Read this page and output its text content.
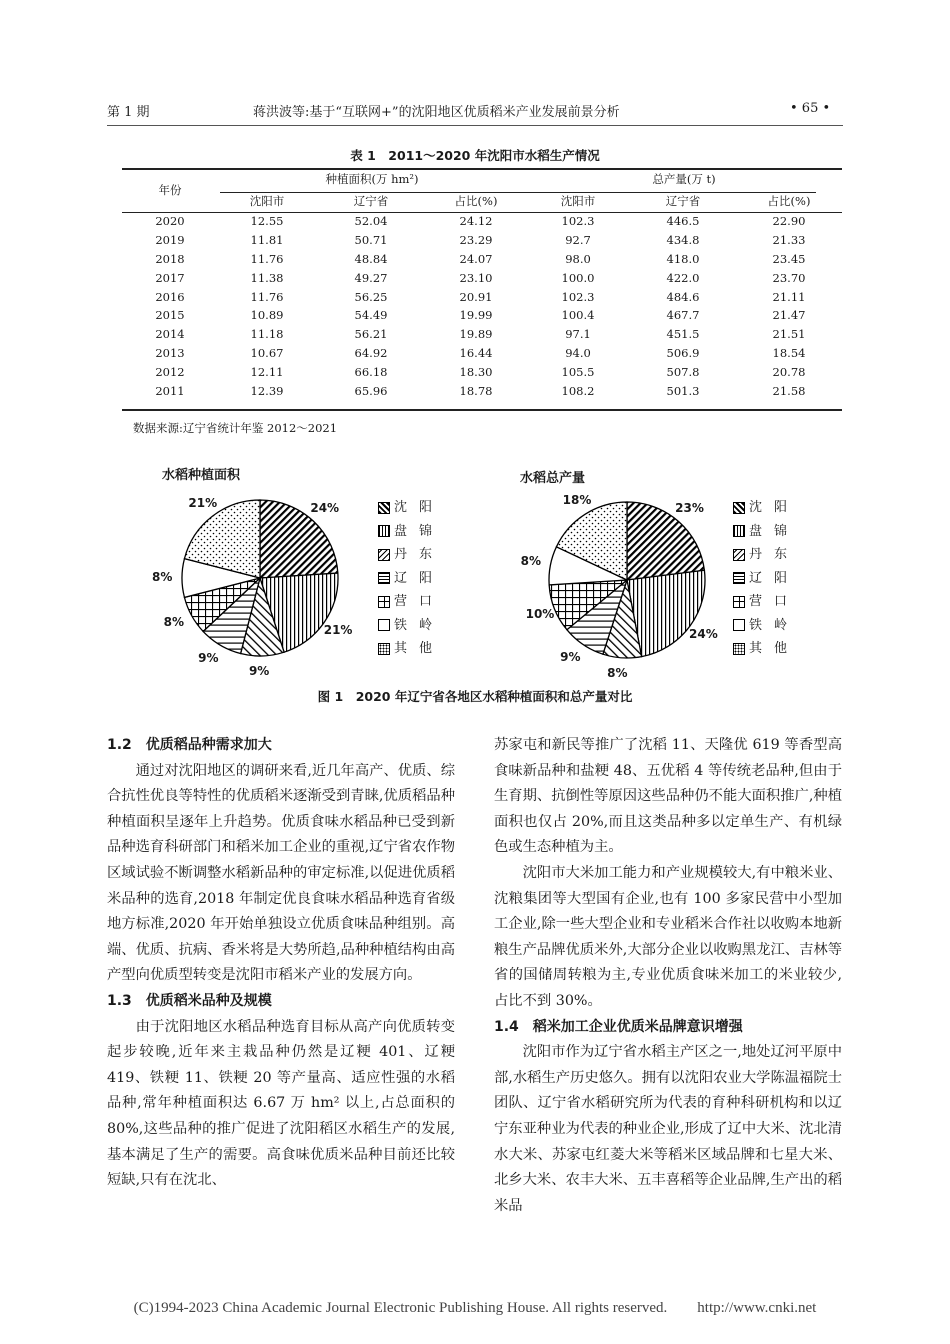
第 1 期	蒋洪波等:基于“互联网+”的沈阳地区优质稻米产业发展前景分析	• 65 •
表 1　2011～2020 年沈阳市水稻生产情况
年份	种植面积(万 hm²)			总产量(万 t)		
	沈阳市	辽宁省	占比(%)	沈阳市	辽宁省	占比(%)
2020	12.55	52.04	24.12	102.3	446.5	22.90
2019	11.81	50.71	23.29	92.7	434.8	21.33
2018	11.76	48.84	24.07	98.0	418.0	23.45
2017	11.38	49.27	23.10	100.0	422.0	23.70
2016	11.76	56.25	20.91	102.3	484.6	21.11
2015	10.89	54.49	19.99	100.4	467.7	21.47
2014	11.18	56.21	19.89	97.1	451.5	21.51
2013	10.67	64.92	16.44	94.0	506.9	18.54
2012	12.11	66.18	18.30	105.5	507.8	20.78
2011	12.39	65.96	18.78	108.2	501.3	21.58
数据来源:辽宁省统计年鉴 2012～2021
水稻种植面积
24%
21%
9%
9%
8%
8%
21%	沈阳
盘锦
丹东
辽阳
营口
铁岭
其他
水稻总产量
23%
24%
8%
9%
10%
8%
18%
沈阳
盘锦
丹东
辽阳
营口
铁岭
其他
图 1　2020 年辽宁省各地区水稻种植面积和总产量对比

1.2　优质稻品种需求加大

通过对沈阳地区的调研来看,近几年高产、优质、综合抗性优良等特性的优质稻米逐渐受到青睐,优质稻品种种植面积呈逐年上升趋势。优质食味水稻品种已受到新品种选育科研部门和稻米加工企业的重视,辽宁省农作物区域试验不断调整水稻新品种的审定标准,以促进优质稻米品种的选育,2018 年制定优良食味水稻品种选育省级地方标准,2020 年开始单独设立优质食味品种组别。高端、优质、抗病、香米将是大势所趋,品种种植结构由高产型向优质型转变是沈阳市稻米产业的发展方向。

1.3　优质稻米品种及规模

由于沈阳地区水稻品种选育目标从高产向优质转变起步较晚,近年来主栽品种仍然是辽粳 401、辽粳 419、铁粳 11、铁粳 20 等产量高、适应性强的水稻品种,常年种植面积达 6.67 万 hm² 以上,占总面积的 80%,这些品种的推广促进了沈阳稻区水稻生产的发展,基本满足了生产的需要。高食味优质米品种目前还比较短缺,只有在沈北、

苏家屯和新民等推广了沈稻 11、天隆优 619 等香型高食味新品种和盐粳 48、五优稻 4 等传统老品种,但由于生育期、抗倒性等原因这些品种仍不能大面积推广,种植面积也仅占 20%,而且这类品种多以定单生产、有机绿色或生态种植为主。

沈阳市大米加工能力和产业规模较大,有中粮米业、沈粮集团等大型国有企业,也有 100 多家民营中小型加工企业,除一些大型企业和专业稻米合作社以收购本地新粮生产品牌优质米外,大部分企业以收购黑龙江、吉林等省的国储周转粮为主,专业优质食味米加工的米业较少,占比不到 30%。

1.4　稻米加工企业优质米品牌意识增强

沈阳市作为辽宁省水稻主产区之一,地处辽河平原中部,水稻生产历史悠久。拥有以沈阳农业大学陈温福院士团队、辽宁省水稻研究所为代表的育种科研机构和以辽宁东亚种业为代表的种业企业,形成了辽中大米、沈北清水大米、苏家屯红菱大米等稻米区域品牌和七星大米、北乡大米、农丰大米、五丰喜稻等企业品牌,生产出的稻米品

(C)1994-2023 China Academic Journal Electronic Publishing House. All rights reserved.　　http://www.cnki.net
